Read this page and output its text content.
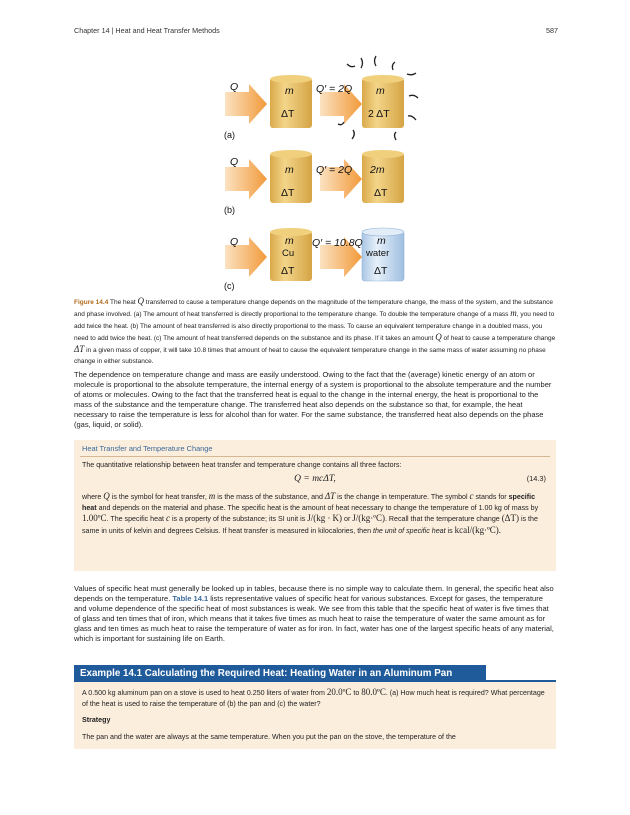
Chapter 14 | Heat and Heat Transfer Methods	587
Q	m
ΔT
Q′ = 2Q m
2 ΔT
Q
m
ΔT
Q′ = 2Q 2m
ΔT
Q	m
Cu
ΔT
Q′ = 10.8Q m
water
ΔT
(a)
(b)
(c)
Figure 14.4 The heat Q transferred to cause a temperature change depends on the magnitude of the temperature change, the mass of the system, and the substance and phase involved. (a) The amount of heat transferred is directly proportional to the temperature change. To double the temperature change of a mass m, you need to add twice the heat. (b) The amount of heat transferred is also directly proportional to the mass. To cause an equivalent temperature change in a doubled mass, you need to add twice the heat. (c) The amount of heat transferred depends on the substance and its phase. If it takes an amount Q of heat to cause a temperature change ΔT in a given mass of copper, it will take 10.8 times that amount of heat to cause the equivalent temperature change in the same mass of water assuming no phase change in either substance.
The dependence on temperature change and mass are easily understood. Owing to the fact that the (average) kinetic energy of an atom or molecule is proportional to the absolute temperature, the internal energy of a system is proportional to the absolute temperature and the number of atoms or molecules. Owing to the fact that the transferred heat is equal to the change in the internal energy, the heat is proportional to the mass of the substance and the temperature change. The transferred heat also depends on the substance so that, for example, the heat necessary to raise the temperature is less for alcohol than for water. For the same substance, the transferred heat also depends on the phase (gas, liquid, or solid).
Heat Transfer and Temperature Change
The quantitative relationship between heat transfer and temperature change contains all three factors:
Q = mcΔT,	(14.3)
where Q is the symbol for heat transfer, m is the mass of the substance, and ΔT is the change in temperature. The symbol c stands for specific heat and depends on the material and phase. The specific heat is the amount of heat necessary to change the temperature of 1.00 kg of mass by 1.00ºC. The specific heat c is a property of the substance; its SI unit is J/(kg ⋅ K) or J/(kg⋅ºC). Recall that the temperature change (ΔT) is the same in units of kelvin and degrees Celsius. If heat transfer is measured in kilocalories, then the unit of specific heat is kcal/(kg⋅ºC).
Values of specific heat must generally be looked up in tables, because there is no simple way to calculate them. In general, the specific heat also depends on the temperature. Table 14.1 lists representative values of specific heat for various substances. Except for gases, the temperature and volume dependence of the specific heat of most substances is weak. We see from this table that the specific heat of water is five times that of glass and ten times that of iron, which means that it takes five times as much heat to raise the temperature of water the same amount as for glass and ten times as much heat to raise the temperature of water as for iron. In fact, water has one of the largest specific heats of any material, which is important for sustaining life on Earth.
Example 14.1 Calculating the Required Heat: Heating Water in an Aluminum Pan
A 0.500 kg aluminum pan on a stove is used to heat 0.250 liters of water from 20.0ºC to 80.0ºC. (a) How much heat is required? What percentage of the heat is used to raise the temperature of (b) the pan and (c) the water?
Strategy
The pan and the water are always at the same temperature. When you put the pan on the stove, the temperature of the
